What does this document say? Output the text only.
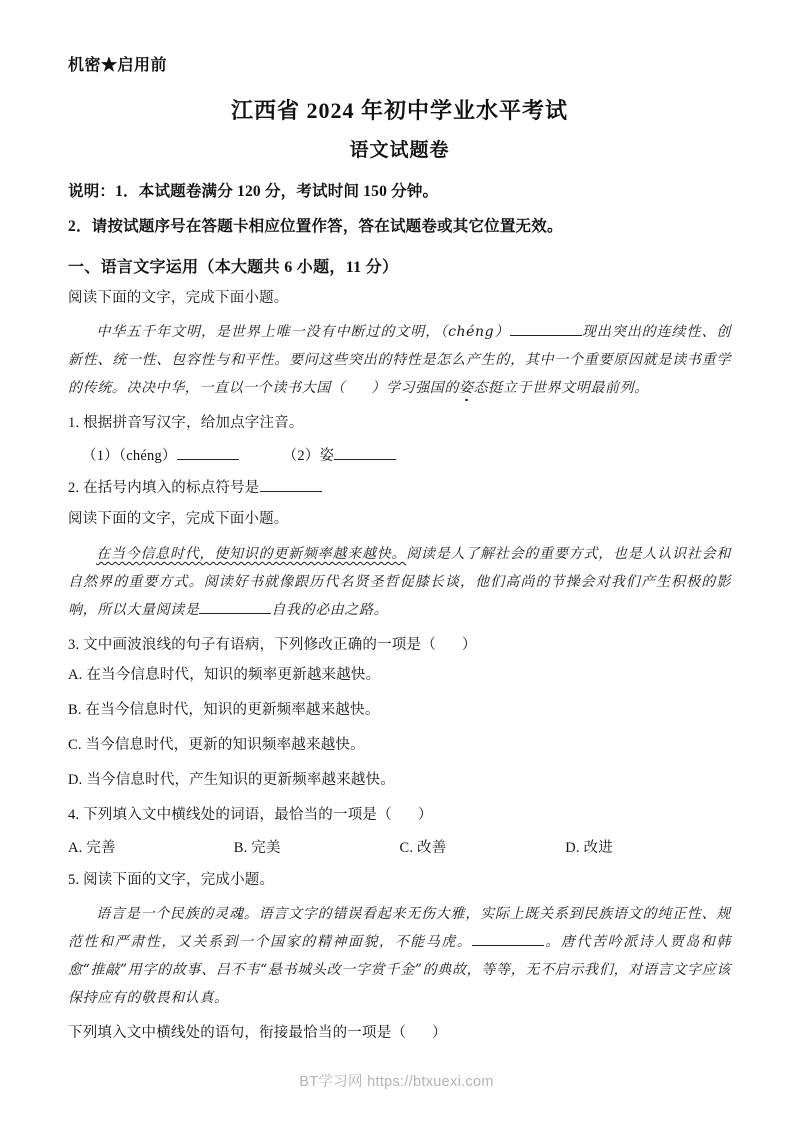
机密★启用前
江西省 2024 年初中学业水平考试
语文试题卷
说明：1．本试题卷满分 120 分，考试时间 150 分钟。
2．请按试题序号在答题卡相应位置作答，答在试题卷或其它位置无效。
一、语言文字运用（本大题共 6 小题，11 分）
阅读下面的文字，完成下面小题。
中华五千年文明，是世界上唯一没有中断过的文明，（chéng）	现出突出的连续性、创新性、统一性、包容性与和平性。要问这些突出的特性是怎么产生的，其中一个重要原因就是读书重学的传统。决决中华，一直以一个读书大国（ ）学习强国的姿态挺立于世界文明最前列。
1. 根据拼音写汉字，给加点字注音。
（1）（chéng）	（2）姿
2. 在括号内填入的标点符号是
阅读下面的文字，完成下面小题。
在当今信息时代，使知识的更新频率越来越快。阅读是人了解社会的重要方式，也是人认识社会和自然界的重要方式。阅读好书就像跟历代名贤圣哲促膝长谈，他们高尚的节操会对我们产生积极的影响，所以大量阅读是	自我的必由之路。
3. 文中画波浪线的句子有语病，下列修改正确的一项是（ ）
A. 在当今信息时代，知识的频率更新越来越快。
B. 在当今信息时代，知识的更新频率越来越快。
C. 当今信息时代，更新的知识频率越来越快。
D. 当今信息时代，产生知识的更新频率越来越快。
4. 下列填入文中横线处的词语，最恰当的一项是（ ）
A. 完善	B. 完美	C. 改善	D. 改进
5. 阅读下面的文字，完成小题。
语言是一个民族的灵魂。语言文字的错误看起来无伤大雅，实际上既关系到民族语文的纯正性、规范性和严肃性，又关系到一个国家的精神面貌，不能马虎。	。唐代苦吟派诗人贾岛和韩愈“推敲”用字的故事、吕不韦“悬书城头改一字赏千金”的典故，等等，无不启示我们，对语言文字应该保持应有的敬畏和认真。
下列填入文中横线处的语句，衔接最恰当的一项是（ ）
BT学习网 https://btxuexi.com
